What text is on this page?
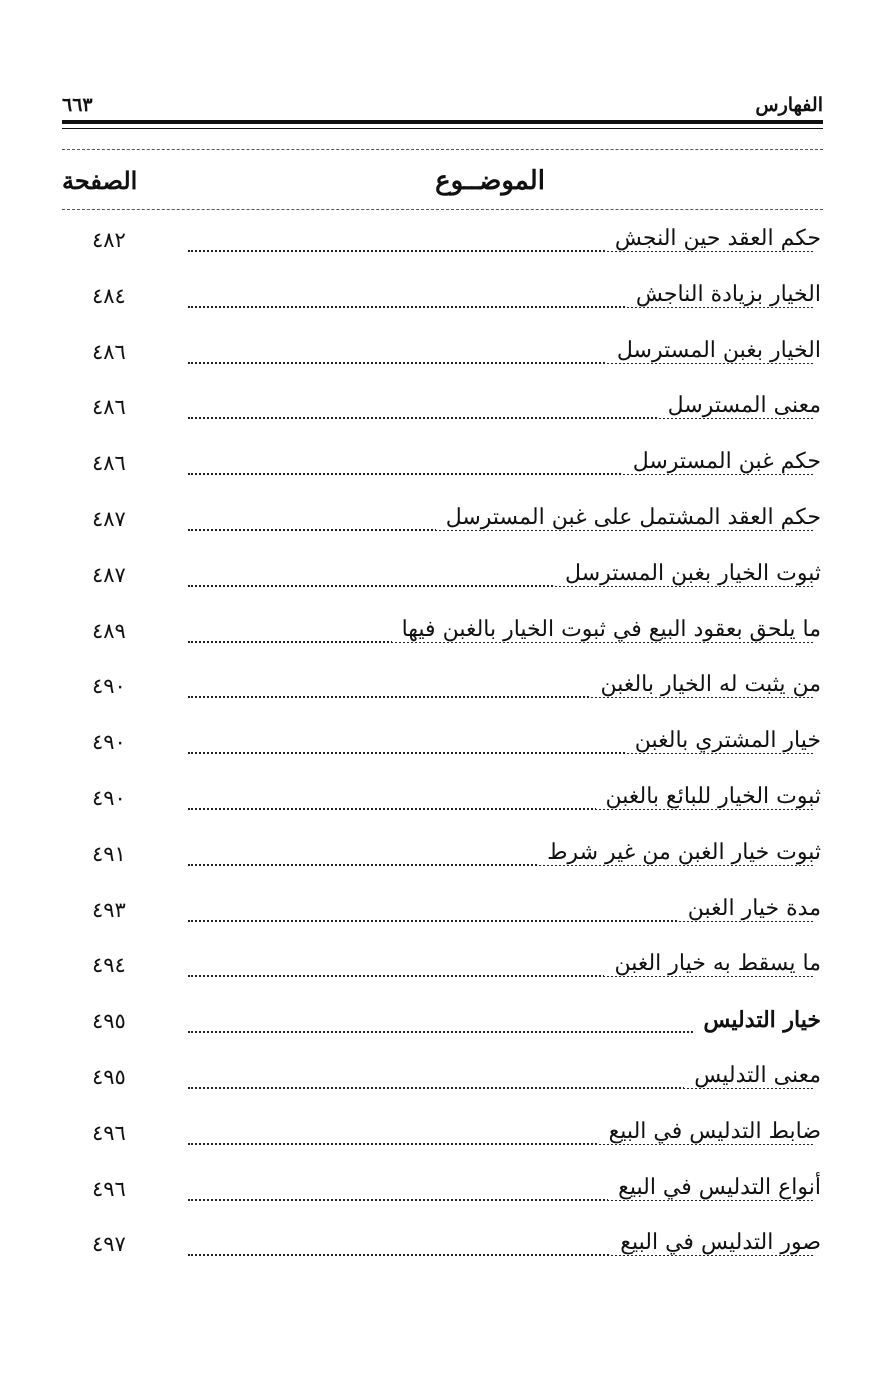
٦٦٣	الفهارس
الموضــوع
الصفحة
حكم العقد حين النجش
٤٨٢
الخيار بزيادة الناجش
٤٨٤
الخيار بغبن المسترسل
٤٨٦
معنى المسترسل
٤٨٦
حكم غبن المسترسل
٤٨٦
حكم العقد المشتمل على غبن المسترسل
٤٨٧
ثبوت الخيار بغبن المسترسل
٤٨٧
ما يلحق بعقود البيع في ثبوت الخيار بالغبن فيها
٤٨٩
من يثبت له الخيار بالغبن
٤٩٠
خيار المشتري بالغبن
٤٩٠
ثبوت الخيار للبائع بالغبن
٤٩٠
ثبوت خيار الغبن من غير شرط
٤٩١
مدة خيار الغبن
٤٩٣
ما يسقط به خيار الغبن
٤٩٤
خيار التدليس
٤٩٥
معنى التدليس
٤٩٥
ضابط التدليس في البيع
٤٩٦
أنواع التدليس في البيع
٤٩٦
صور التدليس في البيع
٤٩٧
